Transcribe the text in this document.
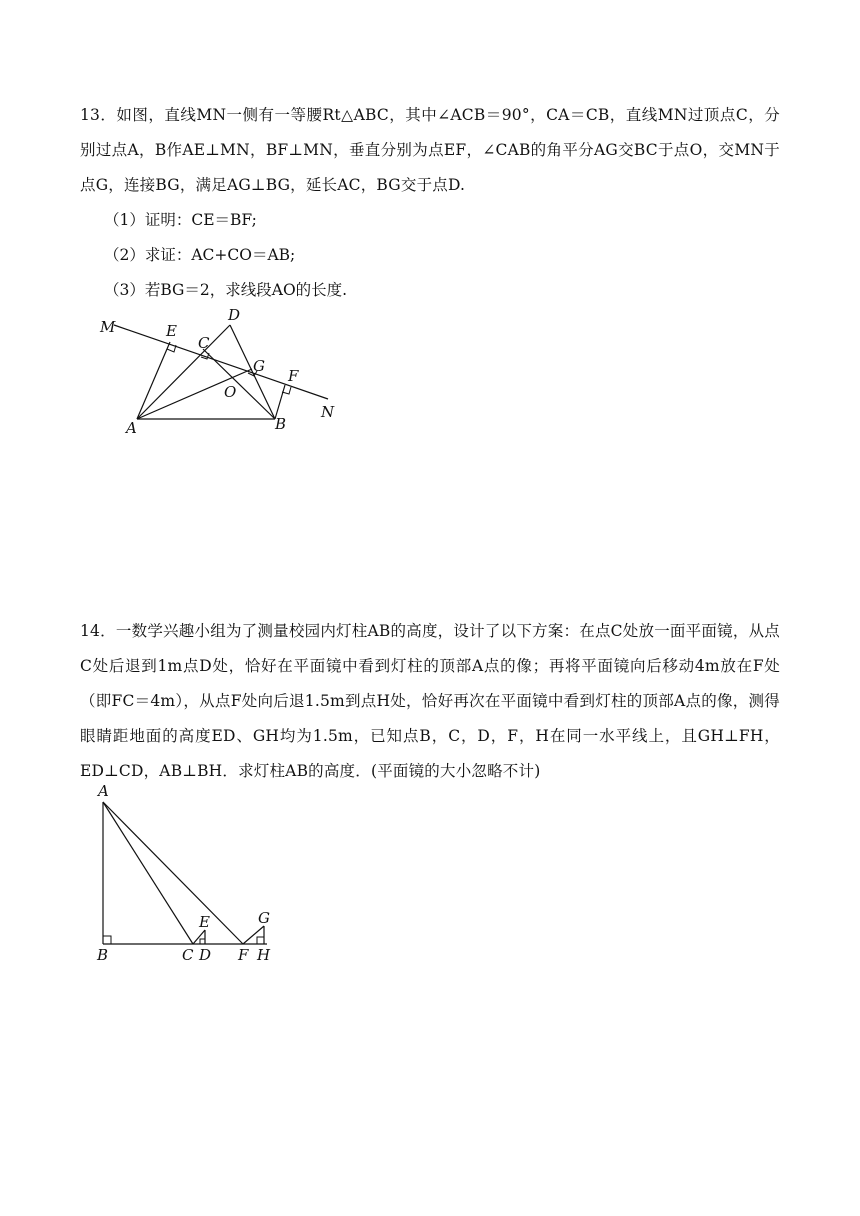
13．如图，直线MN一侧有一等腰Rt△ABC，其中∠ACB＝90°，CA＝CB，直线MN过顶点C，分别过点A，B作AE⊥MN，BF⊥MN，垂直分别为点EF，∠CAB的角平分AG交BC于点O，交MN于点G，连接BG，满足AG⊥BG，延长AC，BG交于点D.

（1）证明：CE＝BF;

（2）求证：AC+CO＝AB;

（3）若BG＝2，求线段AO的长度.

M	E
C
D
G
F
O
A	B
N

14．一数学兴趣小组为了测量校园内灯柱AB的高度，设计了以下方案：在点C处放一面平面镜，从点C处后退到1m点D处，恰好在平面镜中看到灯柱的顶部A点的像；再将平面镜向后移动4m放在F处（即FC＝4m），从点F处向后退1.5m到点H处，恰好再次在平面镜中看到灯柱的顶部A点的像，测得眼睛距地面的高度ED、GH均为1.5m，已知点B，C，D，F，H在同一水平线上，且GH⊥FH，ED⊥CD，AB⊥BH．求灯柱AB的高度．(平面镜的大小忽略不计)

A
B	C D
E
F
G
H
